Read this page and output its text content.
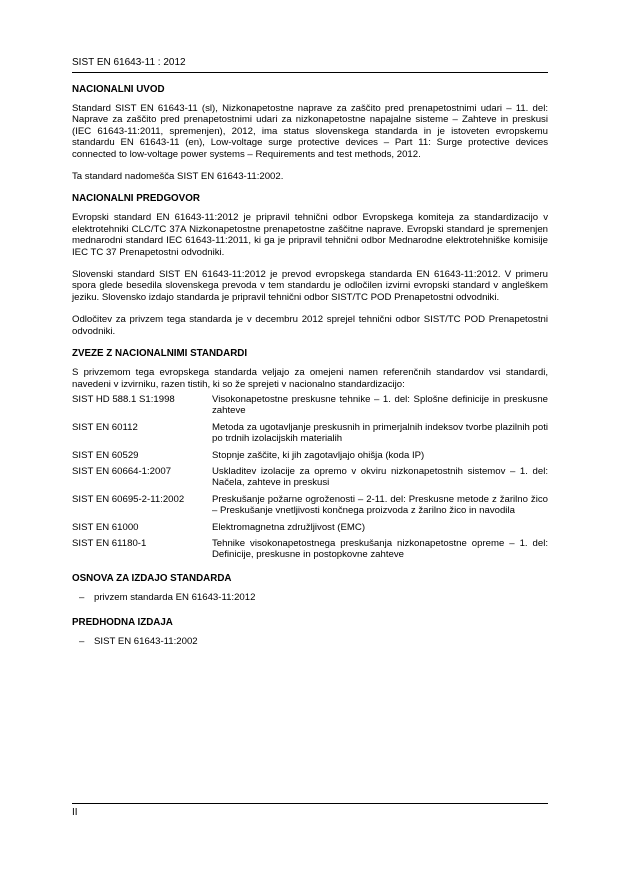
SIST EN 61643-11 : 2012
NACIONALNI UVOD

Standard SIST EN 61643-11 (sl), Nizkonapetostne naprave za zaščito pred prenapetostnimi udari – 11. del: Naprave za zaščito pred prenapetostnimi udari za nizkonapetostne napajalne sisteme – Zahteve in preskusi (IEC 61643-11:2011, spremenjen), 2012, ima status slovenskega standarda in je istoveten evropskemu standardu EN 61643-11 (en), Low-voltage surge protective devices – Part 11: Surge protective devices connected to low-voltage power systems – Requirements and test methods, 2012.

Ta standard nadomešča SIST EN 61643-11:2002.

NACIONALNI PREDGOVOR

Evropski standard EN 61643-11:2012 je pripravil tehnični odbor Evropskega komiteja za standardizacijo v elektrotehniki CLC/TC 37A Nizkonapetostne prenapetostne zaščitne naprave. Evropski standard je spremenjen mednarodni standard IEC 61643-11:2011, ki ga je pripravil tehnični odbor Mednarodne elektrotehniške komisije IEC TC 37 Prenapetostni odvodniki.

Slovenski standard SIST EN 61643-11:2012 je prevod evropskega standarda EN 61643-11:2012. V primeru spora glede besedila slovenskega prevoda v tem standardu je odločilen izvirni evropski standard v angleškem jeziku. Slovensko izdajo standarda je pripravil tehnični odbor SIST/TC POD Prenapetostni odvodniki.

Odločitev za privzem tega standarda je v decembru 2012 sprejel tehnični odbor SIST/TC POD Prenapetostni odvodniki.

ZVEZE Z NACIONALNIMI STANDARDI

S privzemom tega evropskega standarda veljajo za omejeni namen referenčnih standardov vsi standardi, navedeni v izvirniku, razen tistih, ki so že sprejeti v nacionalno standardizacijo:

SIST HD 588.1 S1:1998	Visokonapetostne preskusne tehnike – 1. del: Splošne definicije in preskusne zahteve
SIST EN 60112	Metoda za ugotavljanje preskusnih in primerjalnih indeksov tvorbe plazilnih poti po trdnih izolacijskih materialih
SIST EN 60529	Stopnje zaščite, ki jih zagotavljajo ohišja (koda IP)
SIST EN 60664-1:2007	Uskladitev izolacije za opremo v okviru nizkonapetostnih sistemov – 1. del: Načela, zahteve in preskusi
SIST EN 60695-2-11:2002	Preskušanje požarne ogroženosti – 2-11. del: Preskusne metode z žarilno žico – Preskušanje vnetljivosti končnega proizvoda z žarilno žico in navodila
SIST EN 61000	Elektromagnetna združljivost (EMC)
SIST EN 61180-1	Tehnike visokonapetostnega preskušanja nizkonapetostne opreme – 1. del: Definicije, preskusne in postopkovne zahteve
OSNOVA ZA IZDAJO STANDARDA
– privzem standarda EN 61643-11:2012
PREDHODNA IZDAJA
– SIST EN 61643-11:2002
II
